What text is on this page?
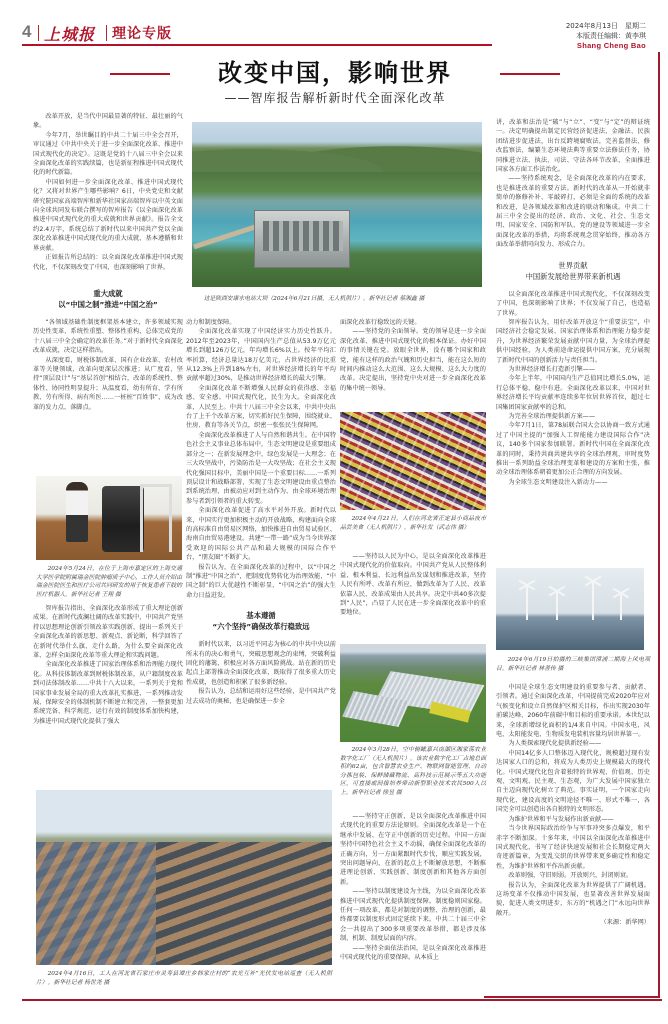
4 上城报 理论专版	2024年8月13日　星期二
本版责任编辑：黄李琪
Shang Cheng Bao
改变中国，影响世界
——智库报告解析新时代全面深化改革
这是陕西安康水电站大坝（2024年6月21日摄，无人机照片）。新华社记者 蔡湘鑫 摄

改革开放，是当代中国最显著的特征、最壮丽的气象。

今年7月，举世瞩目的中共二十届三中全会召开，审议通过《中共中央关于进一步全面深化改革、推进中国式现代化的决定》。这既是党的十八届三中全会以来全面深化改革的实践续篇，也是新征程推进中国式现代化的时代新篇。

中国如何进一步全面深化改革、推进中国式现代化？又将对世界产生哪些影响？6日，中央党史和文献研究院国家高端智库和新华社国家高端智库以中英文面向全球共同发布联合撰写的智库报告《以全面深化改革推进中国式现代化的重大成就和世界贡献》。报告全文约2.4万字，系统总结了新时代以来中国共产党以全面深化改革推进中国式现代化的重大成就、基本遵循和世界贡献。

正如报告所总结的：以全面深化改革推进中国式现代化，不仅深刻改变了中国，也深刻影响了世界。

重大成就
以“中国之制”推进“中国之治”

“各领域基础性制度框架基本建立，许多领域实现历史性变革、系统性重塑、整体性重构，总体完成党的十八届三中全会确定的改革任务。”对于新时代全面深化改革成就，决定这样指出。

从深度看，财税体制改革、国有企业改革、农村改革等关键领域，改革向更深层次推进；从广度看，坚持“顶层设计”与“基层首创”相结合，改革的系统性、整体性、协同性明显提升；从温度看，幼有所育、学有所教、劳有所得、病有所医……一桩桩“百姓事”，成为改革的发力点、落脚点。

2024年5月24日，在位于上海市嘉定区的上海交通大学医学院附属瑞金医院肿瘤质子中心，工作人员介绍由瑞金医院医生和医疗公司共同研发的用于恢复患者下肢的医疗机器人。新华社记者 王翔 摄

智库报告指出，全面深化改革形成了重大理论创新成果。在新时代波澜壮阔的改革实践中，中国共产党坚持以思想理论创新引领改革实践创新，提出一系列关于全面深化改革的新思想、新观点、新论断，科学回答了在新时代举什么旗、走什么路，为什么要全面深化改革、怎样全面深化改革等重大理论和实践问题。

全面深化改革推进了国家治理体系和治理能力现代化。从科技体制改革到财税体制改革，从户籍制度改革到司法体制改革……中共十八大以来，一系列关于党和国家事业发展全局的重大改革扎实推进，一系列推动发展、保障安全的体制机制不断建立和完善，一整套更加系统完备、科学规范、运行有效的制度体系加快构建，为推进中国式现代化提供了强大

动力和制度保障。

全面深化改革实现了中国经济实力历史性跃升。2012年至2023年，中国国内生产总值从53.9万亿元增长到超126万亿元，年均增长6%以上。按年平均汇率折算，经济总量达18万亿美元，占世界经济的比重从12.3%上升到18%左右，对世界经济增长的年平均贡献率超过30%，是推动世界经济增长的最大引擎。

全面深化改革不断增强人民群众的获得感、幸福感、安全感。中国式现代化，民生为大。全面深化改革，人民至上。中共十八届三中全会以来，中共中央出台了上千个改革方案，切实抓好民生保障，围绕就业、住房、教育等各关节点，织密一张张民生保障网。

全面深化改革推进了人与自然和谐共生。在中国特色社会主义事业总体布局中，生态文明建设是重要组成部分之一；在新发展理念中，绿色发展是一大理念；在三大攻坚战中，污染防治是一大攻坚战；在社会主义现代化强国目标中，美丽中国是一个重要目标……一系列顶层设计和战略部署，实现了生态文明建设由重点整治到系统治理、由被动应对到主动作为、由全球环境治理参与者到引领者的重大转变。

全面深化改革促进了高水平对外开放。新时代以来，中国实行更加积极主动的开放战略，构建面向全球的高标准自由贸易区网络，加快推进自由贸易试验区、海南自由贸易港建设。共建“一带一路”成为当今世界深受欢迎的国际公共产品和最大规模的国际合作平台，“朋友圈”不断扩大。

报告认为，在全面深化改革的过程中，以“中国之制”推进“中国之治”，把制度优势转化为治理效能，“中国之制”的巨大优越性不断彰显，“中国之治”的强大生命力日益迸发。

基本遵循
“六个坚持”确保改革行稳致远

新时代以来，以习近平同志为核心的中共中央以前所未有的决心和勇气，突破思想观念的束缚，突破利益固化的藩篱，积极应对各方面风险挑战。站在新的历史起点上部署推动全面深化改革，既取得了很多重大历史性成就，也创造和积累了很多新经验。

报告认为，总结和运用好这些经验，是中国共产党过去成功的奥秘，也是确保进一步全

2024年4月16日，工人在河北省石家庄市灵寿县谭庄乡韩家庄村的“农光互补”光伏发电站巡查（无人机照片）。新华社记者 杨世尧 摄

面深化改革行稳致远的关键。

——坚持党的全面领导。党的领导是进一步全面深化改革、推进中国式现代化的根本保证。办好中国的事情关键在党。放眼全世界，没有哪个国家和政党，能有这样的政治气魄和历史担当，能在这么短的时间内推动这么大范围、这么大规模、这么大力度的改革。决定提出，坚持党中央对进一步全面深化改革的集中统一领导。

2024年4月21日，人们在河北省正定县小商品夜市品尝美食（无人机照片）。新华社发（武志伟 摄）

——坚持以人民为中心，是以全面深化改革推进中国式现代化的价值取向。中国共产党从人民整体利益、根本利益、长远利益出发谋划和推进改革，坚持人民有所呼、改革有所应，做到改革为了人民、改革依靠人民、改革成果由人民共享。决定中共40多次提到“人民”，凸显了人民在进一步全面深化改革中的重要地位。

2024年3月28日，空中俯瞰嘉兴南湖区湘家荡农业数字化工厂（无人机照片）。该农业数字化工厂占地总面积约62亩，包含智慧农业生产、物联网智能管理、自动分拣包装、保鲜储藏物流、高科技示范展示等五大功能区，可直接或间接培养带动新型职业技术农民500人以上。新华社记者 徐昱 摄

——坚持守正创新，是以全面深化改革推进中国式现代化的重要方法论原则。全面深化改革是一个在继承中发展、在守正中创新的历史过程。中国一方面坚持中国特色社会主义不动摇，确保全面深化改革的正确方向，另一方面紧跟时代步伐，顺应实践发展，突出问题导向，在新的起点上不断解放思想，不断推进理论创新、实践创新、制度创新和其他各方面创新。

——坚持以制度建设为主线，为以全面深化改革推进中国式现代化提供制度保障。制度稳则国家稳。任何一项改革，都是对制度的调整、治理的创新，最终都要以制度形式固定延续下来。中共二十届三中全会一共提出了300多项重要改革举措，都是涉及体制、机制、制度层面的内容。

——坚持全面依法治国，是以全面深化改革推进中国式现代化的重要保障。从本质上

讲，改革和法治是“破”与“立”、“变”与“定”的辩证统一。决定明确提出制定民营经济促进法、金融法、民族团结进步促进法，出台反跨境腐败法，完善监督法、修改监察法，编纂生态环境法典等重要立法修法任务，协同推进立法、执法、司法、守法各环节改革，全面推进国家各方面工作法治化。

——坚持系统观念，是全面深化改革的内在要求，也是推进改革的重要方法。新时代的改革从一开始就非简单的修修补补、零敲碎打，必须是全面的系统的改革和改进，是各领域改革和改进的联动和集成。中共二十届三中全会提出的经济、政治、文化、社会、生态文明、国家安全、国防和军队、党的建设等领域进一步全面深化改革的举措，均将系统观念贯穿始终，推动各方面改革举措同向发力、形成合力。

世界贡献
中国新发展给世界带来新机遇

以全面深化改革推进中国式现代化，不仅深刻改变了中国，也深刻影响了世界；不仅发展了自己，也造福了世界。

智库报告认为，用好改革开放这个“重要法宝”，中国经济社会稳定发展、国家治理体系和治理能力稳步提升，为世界经济繁荣发展贡献中国力量，为全球治理提供中国经验，为人类前途命运提供中国方案，充分展现了新时代中国的创新活力与责任担当。

为世界经济增长打造新引擎——

今年上半年，中国国内生产总值同比增长5.0%，运行总体平稳、稳中有进。全面深化改革以来，中国对世界经济增长平均贡献率连续多年位居世界首位，超过七国集团国家贡献率的总和。

为完善全球治理提供新方案——

今年7月1日，第78届联合国大会以协商一致方式通过了中国主提的“加强人工智能能力建设国际合作”决议，140多个国家参加联署。新时代中国在全面深化改革的同时，秉持共商共建共享的全球治理观，审时度势推出一系列助益全球治理变革和建设的方案和主张，推动全球治理体系朝着更加公正合理的方向发展。

为全球生态文明建设注入新动力——

2024年6月19日拍摄的三峡集团漳浦二期海上风电项目。新华社记者 林善传 摄

中国是全球生态文明建设的重要参与者、贡献者、引领者。通过全面深化改革，中国提前完成2020年应对气候变化和设立自然保护区相关目标，作出实现2030年前碳达峰、2060年前碳中和目标的重要承诺。本世纪以来，全球新增绿化面积的1/4来自中国。中国水电、风电、太阳能发电、生物质发电装机容量均居世界第一。

为人类探索现代化提供新经验——

中国14亿多人口整体迈入现代化，规模超过现有发达国家人口的总和，将成为人类历史上规模最大的现代化。中国式现代化包含着独特的世界观、价值观、历史观、文明观、民主观、生态观，为广大发展中国家独立自主迈向现代化树立了典范。事实证明，一个国家走向现代化，建设高度的文明途径不唯一、形式不唯一，各国完全可以创造出各自独特的文明形态。

为维护世界和平与发展作出新贡献——

当今世界国际政治纷争与军事冲突多点爆发，和平赤字不断加深。十多年来，中国以全面深化改革推进中国式现代化，书写了经济快速发展和社会长期稳定两大奇迹新篇章，为变乱交织的世界带来更多确定性和稳定性，为维护世界和平作出新贡献。

改革则强，守旧则弱。开放则兴，封闭则衰。

报告认为，全面深化改革为世界提供了广阔机遇。这场变革不仅推动中国发展，也显著改善世界发展面貌，促进人类文明进步，东方的“机遇之门”永远向世界敞开。

（来源：新华网）
